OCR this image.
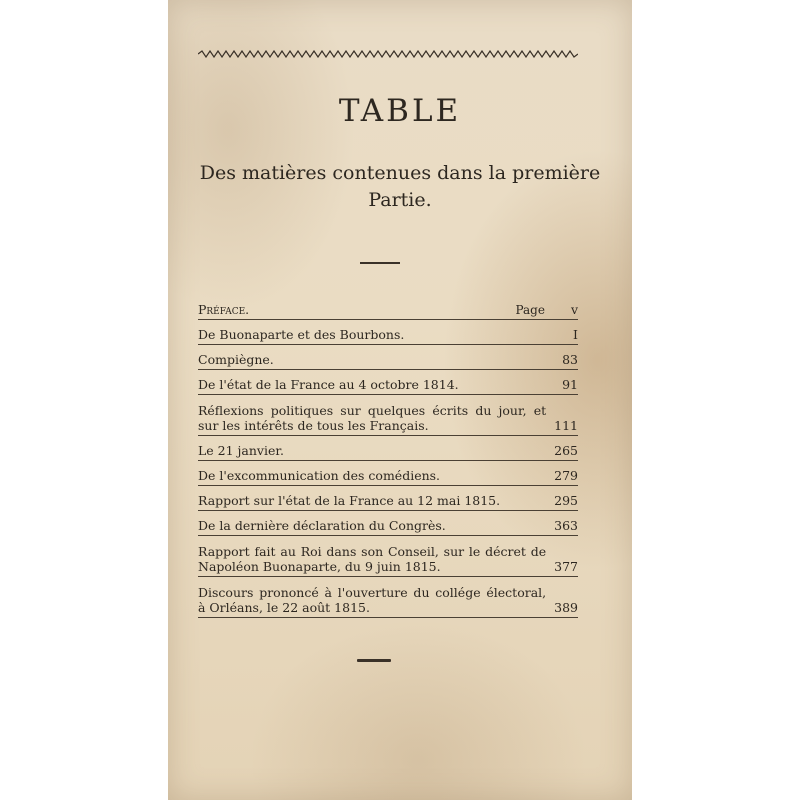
TABLE
Des matières contenues dans la première
Partie.
Préface.	Page v
De Buonaparte et des Bourbons.	I
Compiègne.	83
De l'état de la France au 4 octobre 1814.	91
Réflexions politiques sur quelques écrits du jour, et sur les intérêts de tous les Français.	111
Le 21 janvier.	265
De l'excommunication des comédiens.	279
Rapport sur l'état de la France au 12 mai 1815.	295
De la dernière déclaration du Congrès.	363
Rapport fait au Roi dans son Conseil, sur le décret de Napoléon Buonaparte, du 9 juin 1815.	377
Discours prononcé à l'ouverture du collége électoral, à Orléans, le 22 août 1815.	389
